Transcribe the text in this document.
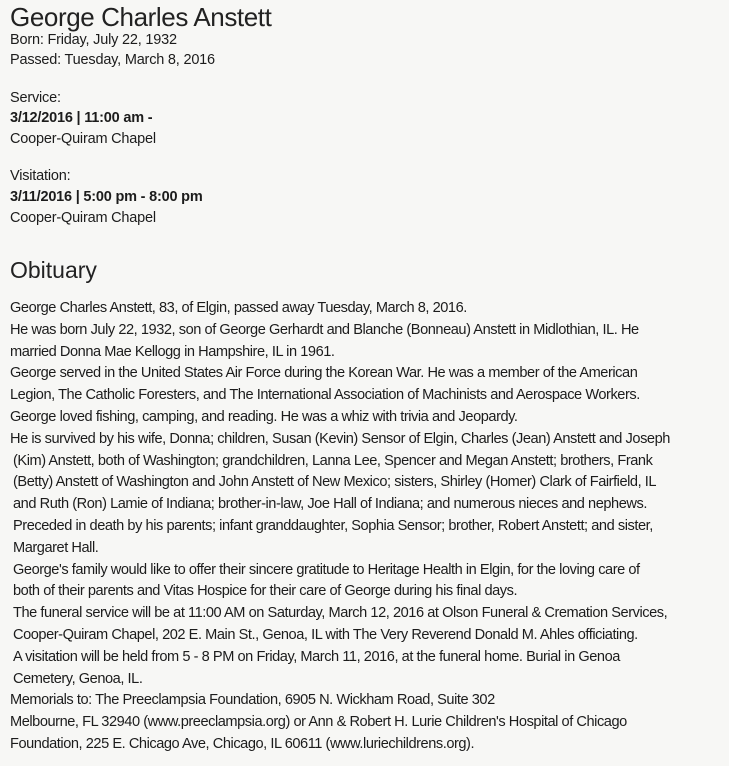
George Charles Anstett
Born: Friday, July 22, 1932
Passed: Tuesday, March 8, 2016
Service:
3/12/2016 | 11:00 am -
Cooper-Quiram Chapel
Visitation:
3/11/2016 | 5:00 pm - 8:00 pm
Cooper-Quiram Chapel
Obituary
George Charles Anstett, 83, of Elgin, passed away Tuesday, March 8, 2016.
He was born July 22, 1932, son of George Gerhardt and Blanche (Bonneau) Anstett in Midlothian, IL. He
married Donna Mae Kellogg in Hampshire, IL in 1961.
George served in the United States Air Force during the Korean War. He was a member of the American
Legion, The Catholic Foresters, and The International Association of Machinists and Aerospace Workers.
George loved fishing, camping, and reading. He was a whiz with trivia and Jeopardy.
He is survived by his wife, Donna; children, Susan (Kevin) Sensor of Elgin, Charles (Jean) Anstett and Joseph
(Kim) Anstett, both of Washington; grandchildren, Lanna Lee, Spencer and Megan Anstett; brothers, Frank
(Betty) Anstett of Washington and John Anstett of New Mexico; sisters, Shirley (Homer) Clark of Fairfield, IL
and Ruth (Ron) Lamie of Indiana; brother-in-law, Joe Hall of Indiana; and numerous nieces and nephews.
Preceded in death by his parents; infant granddaughter, Sophia Sensor; brother, Robert Anstett; and sister,
Margaret Hall.
George's family would like to offer their sincere gratitude to Heritage Health in Elgin, for the loving care of
both of their parents and Vitas Hospice for their care of George during his final days.
The funeral service will be at 11:00 AM on Saturday, March 12, 2016 at Olson Funeral & Cremation Services,
Cooper-Quiram Chapel, 202 E. Main St., Genoa, IL with The Very Reverend Donald M. Ahles officiating.
A visitation will be held from 5 - 8 PM on Friday, March 11, 2016, at the funeral home. Burial in Genoa
Cemetery, Genoa, IL.
Memorials to: The Preeclampsia Foundation, 6905 N. Wickham Road, Suite 302
Melbourne, FL 32940 (www.preeclampsia.org) or Ann & Robert H. Lurie Children's Hospital of Chicago
Foundation, 225 E. Chicago Ave, Chicago, IL 60611 (www.luriechildrens.org).
